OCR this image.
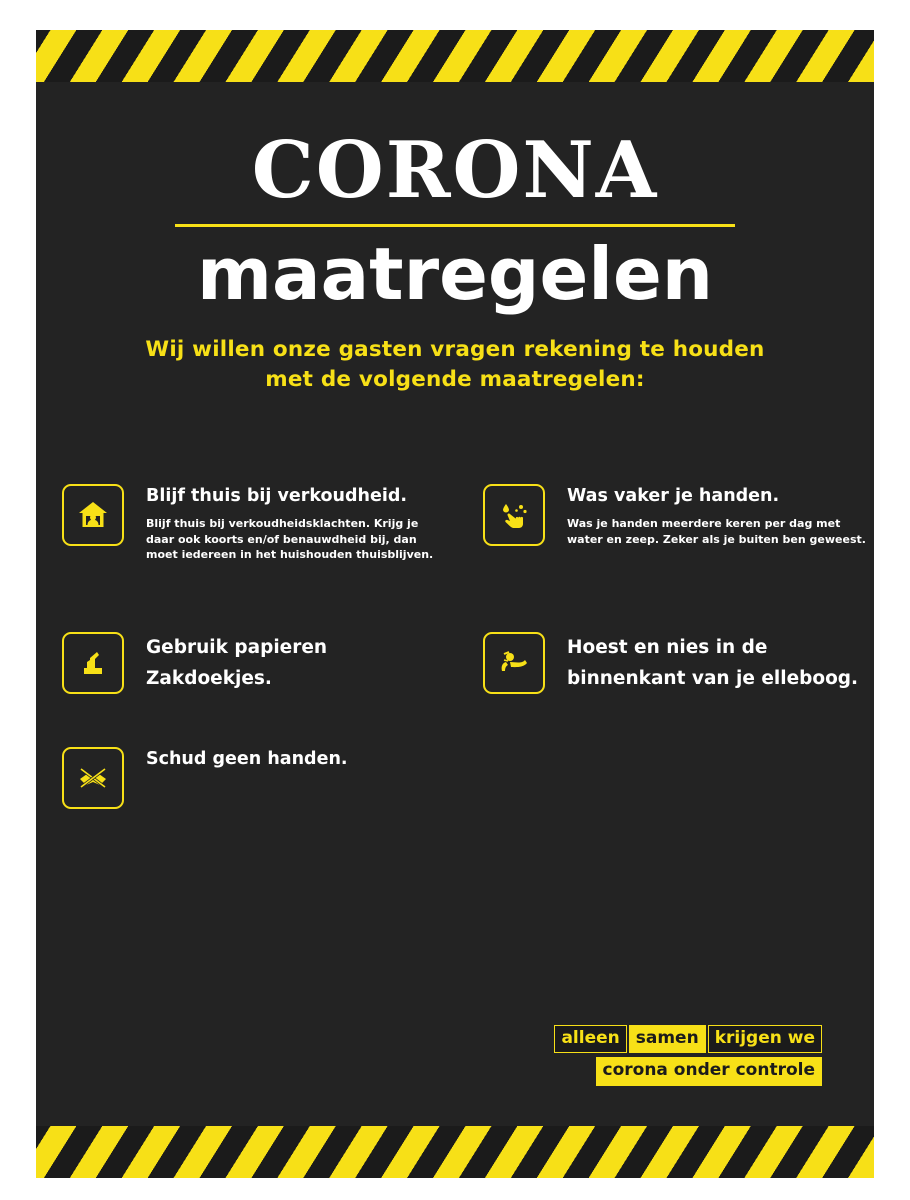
CORONA
maatregelen
Wij willen onze gasten vragen rekening te houden
met de volgende maatregelen:

Blijf thuis bij verkoudheid.

Blijf thuis bij verkoudheidsklachten. Krijg je daar ook koorts en/of benauwdheid bij, dan moet iedereen in het huishouden thuisblijven.

Was vaker je handen.

Was je handen meerdere keren per dag met water en zeep. Zeker als je buiten ben geweest.

Gebruik papieren Zakdoekjes.

Hoest en nies in de binnenkant van je elleboog.

Schud geen handen.

alleen samen krijgen we
corona onder controle
